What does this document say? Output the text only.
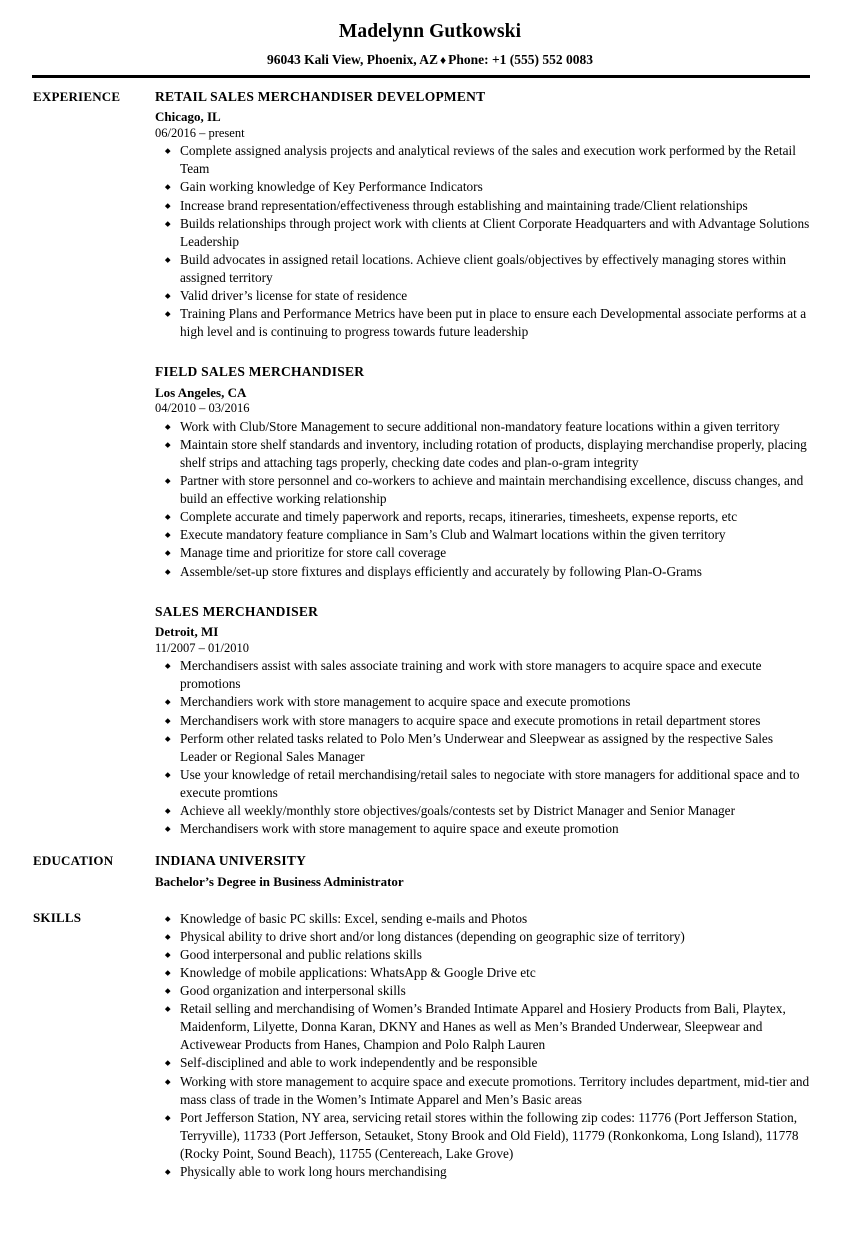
Madelynn Gutkowski
96043 Kali View, Phoenix, AZ ♦ Phone: +1 (555) 552 0083
EXPERIENCE	RETAIL SALES MERCHANDISER DEVELOPMENT
Chicago, IL
06/2016 – present
Complete assigned analysis projects and analytical reviews of the sales and execution work performed by the Retail Team
Gain working knowledge of Key Performance Indicators
Increase brand representation/effectiveness through establishing and maintaining trade/Client relationships
Builds relationships through project work with clients at Client Corporate Headquarters and with Advantage Solutions Leadership
Build advocates in assigned retail locations. Achieve client goals/objectives by effectively managing stores within assigned territory
Valid driver’s license for state of residence
Training Plans and Performance Metrics have been put in place to ensure each Developmental associate performs at a high level and is continuing to progress towards future leadership
FIELD SALES MERCHANDISER
Los Angeles, CA
04/2010 – 03/2016
Work with Club/Store Management to secure additional non-mandatory feature locations within a given territory
Maintain store shelf standards and inventory, including rotation of products, displaying merchandise properly, placing shelf strips and attaching tags properly, checking date codes and plan-o-gram integrity
Partner with store personnel and co-workers to achieve and maintain merchandising excellence, discuss changes, and build an effective working relationship
Complete accurate and timely paperwork and reports, recaps, itineraries, timesheets, expense reports, etc
Execute mandatory feature compliance in Sam’s Club and Walmart locations within the given territory
Manage time and prioritize for store call coverage
Assemble/set-up store fixtures and displays efficiently and accurately by following Plan-O-Grams
SALES MERCHANDISER
Detroit, MI
11/2007 – 01/2010
Merchandisers assist with sales associate training and work with store managers to acquire space and execute promotions
Merchandiers work with store management to acquire space and execute promotions
Merchandisers work with store managers to acquire space and execute promotions in retail department stores
Perform other related tasks related to Polo Men’s Underwear and Sleepwear as assigned by the respective Sales Leader or Regional Sales Manager
Use your knowledge of retail merchandising/retail sales to negociate with store managers for additional space and to execute promtions
Achieve all weekly/monthly store objectives/goals/contests set by District Manager and Senior Manager
Merchandisers work with store management to aquire space and exeute promotion
EDUCATION	INDIANA UNIVERSITY
Bachelor’s Degree in Business Administrator
SKILLS	Knowledge of basic PC skills: Excel, sending e-mails and Photos
Physical ability to drive short and/or long distances (depending on geographic size of territory)
Good interpersonal and public relations skills
Knowledge of mobile applications: WhatsApp & Google Drive etc
Good organization and interpersonal skills
Retail selling and merchandising of Women’s Branded Intimate Apparel and Hosiery Products from Bali, Playtex, Maidenform, Lilyette, Donna Karan, DKNY and Hanes as well as Men’s Branded Underwear, Sleepwear and Activewear Products from Hanes, Champion and Polo Ralph Lauren
Self-disciplined and able to work independently and be responsible
Working with store management to acquire space and execute promotions. Territory includes department, mid-tier and mass class of trade in the Women’s Intimate Apparel and Men’s Basic areas
Port Jefferson Station, NY area, servicing retail stores within the following zip codes: 11776 (Port Jefferson Station, Terryville), 11733 (Port Jefferson, Setauket, Stony Brook and Old Field), 11779 (Ronkonkoma, Long Island), 11778 (Rocky Point, Sound Beach), 11755 (Centereach, Lake Grove)
Physically able to work long hours merchandising
